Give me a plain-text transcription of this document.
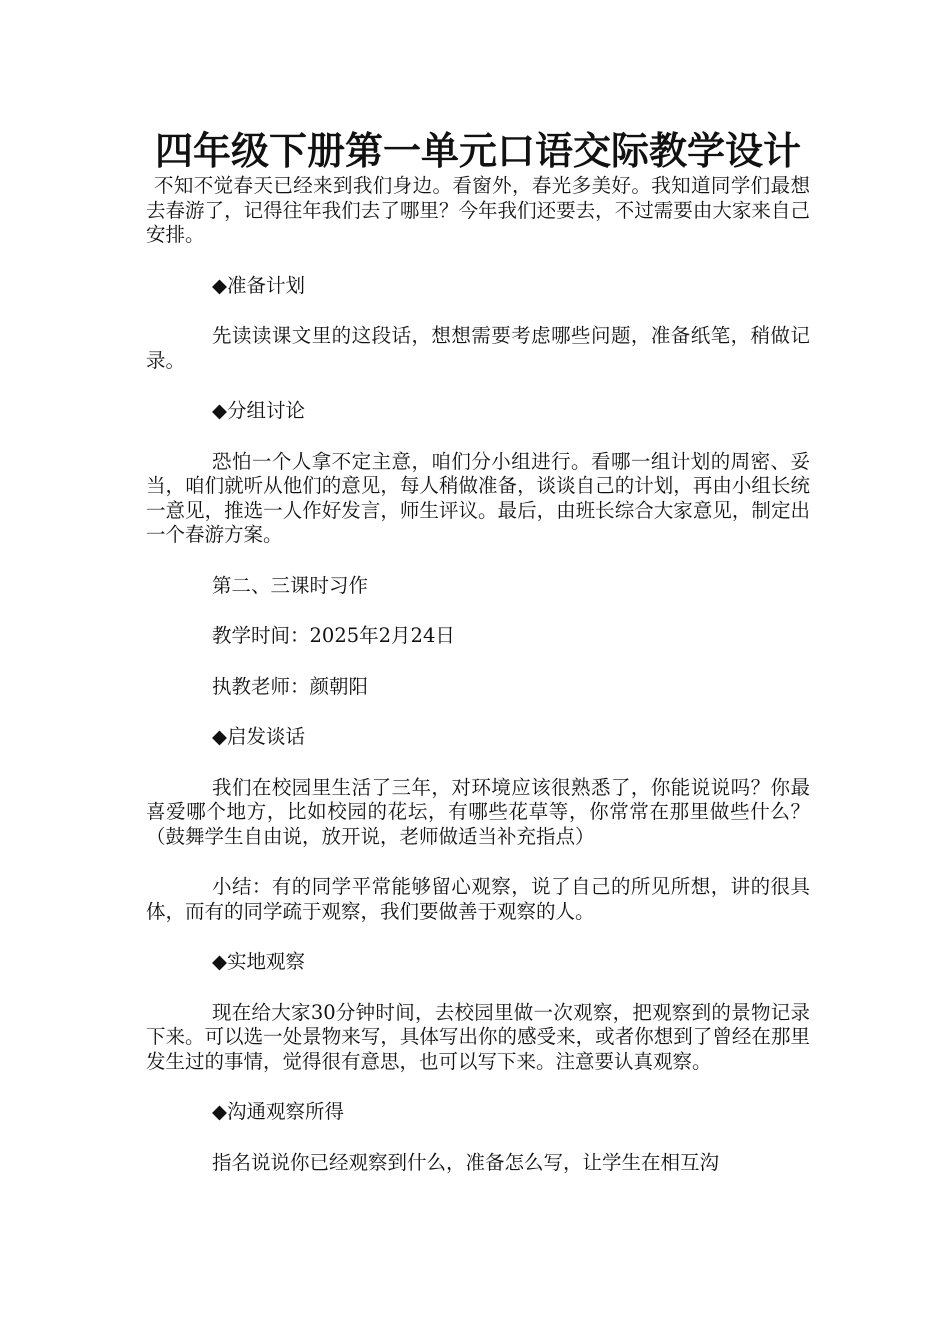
四年级下册第一单元口语交际教学设计

不知不觉春天已经来到我们身边。看窗外，春光多美好。我知道同学们最想去春游了，记得往年我们去了哪里？今年我们还要去，不过需要由大家来自己安排。

◆准备计划

先读读课文里的这段话，想想需要考虑哪些问题，准备纸笔，稍做记录。

◆分组讨论

恐怕一个人拿不定主意，咱们分小组进行。看哪一组计划的周密、妥当，咱们就听从他们的意见，每人稍做准备，谈谈自己的计划，再由小组长统一意见，推选一人作好发言，师生评议。最后，由班长综合大家意见，制定出一个春游方案。

第二、三课时习作

教学时间：2025年2月24日

执教老师：颜朝阳

◆启发谈话

我们在校园里生活了三年，对环境应该很熟悉了，你能说说吗？你最喜爱哪个地方，比如校园的花坛，有哪些花草等，你常常在那里做些什么？（鼓舞学生自由说，放开说，老师做适当补充指点）

小结：有的同学平常能够留心观察，说了自己的所见所想，讲的很具体，而有的同学疏于观察，我们要做善于观察的人。

◆实地观察

现在给大家30分钟时间，去校园里做一次观察，把观察到的景物记录下来。可以选一处景物来写，具体写出你的感受来，或者你想到了曾经在那里发生过的事情，觉得很有意思，也可以写下来。注意要认真观察。

◆沟通观察所得

指名说说你已经观察到什么，准备怎么写，让学生在相互沟
